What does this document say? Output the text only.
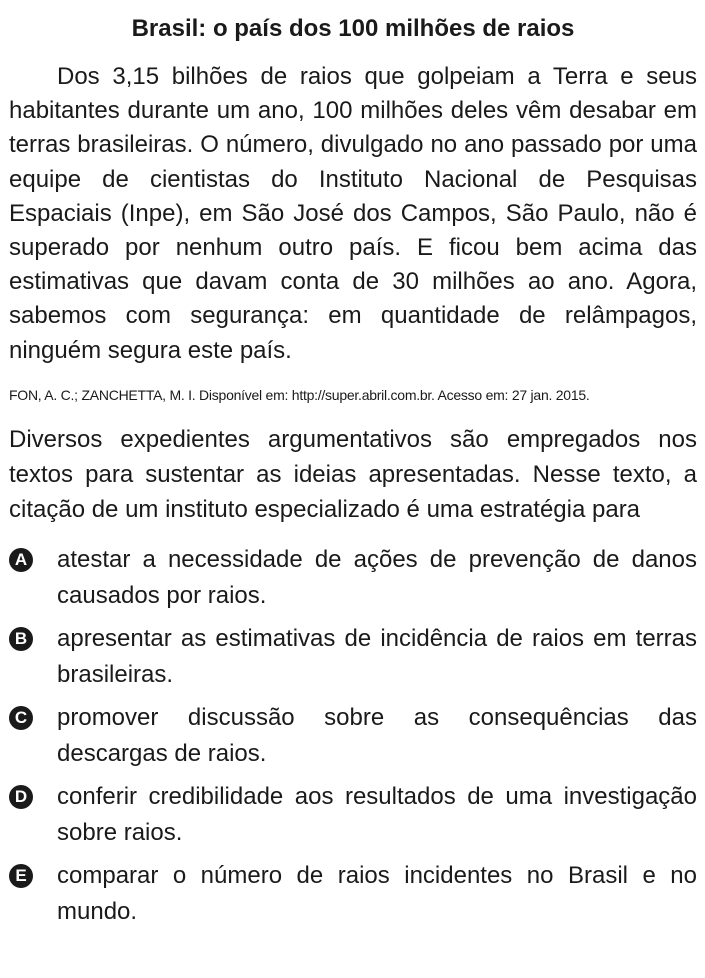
Brasil: o país dos 100 milhões de raios

Dos 3,15 bilhões de raios que golpeiam a Terra e seus habitantes durante um ano, 100 milhões deles vêm desabar em terras brasileiras. O número, divulgado no ano passado por uma equipe de cientistas do Instituto Nacional de Pesquisas Espaciais (Inpe), em São José dos Campos, São Paulo, não é superado por nenhum outro país. E ficou bem acima das estimativas que davam conta de 30 milhões ao ano. Agora, sabemos com segurança: em quantidade de relâmpagos, ninguém segura este país.

FON, A. C.; ZANCHETTA, M. I. Disponível em: http://super.abril.com.br. Acesso em: 27 jan. 2015.

Diversos expedientes argumentativos são empregados nos textos para sustentar as ideias apresentadas. Nesse texto, a citação de um instituto especializado é uma estratégia para

A atestar a necessidade de ações de prevenção de danos causados por raios.
B apresentar as estimativas de incidência de raios em terras brasileiras.
C promover discussão sobre as consequências das descargas de raios.
D conferir credibilidade aos resultados de uma investigação sobre raios.
E comparar o número de raios incidentes no Brasil e no mundo.
